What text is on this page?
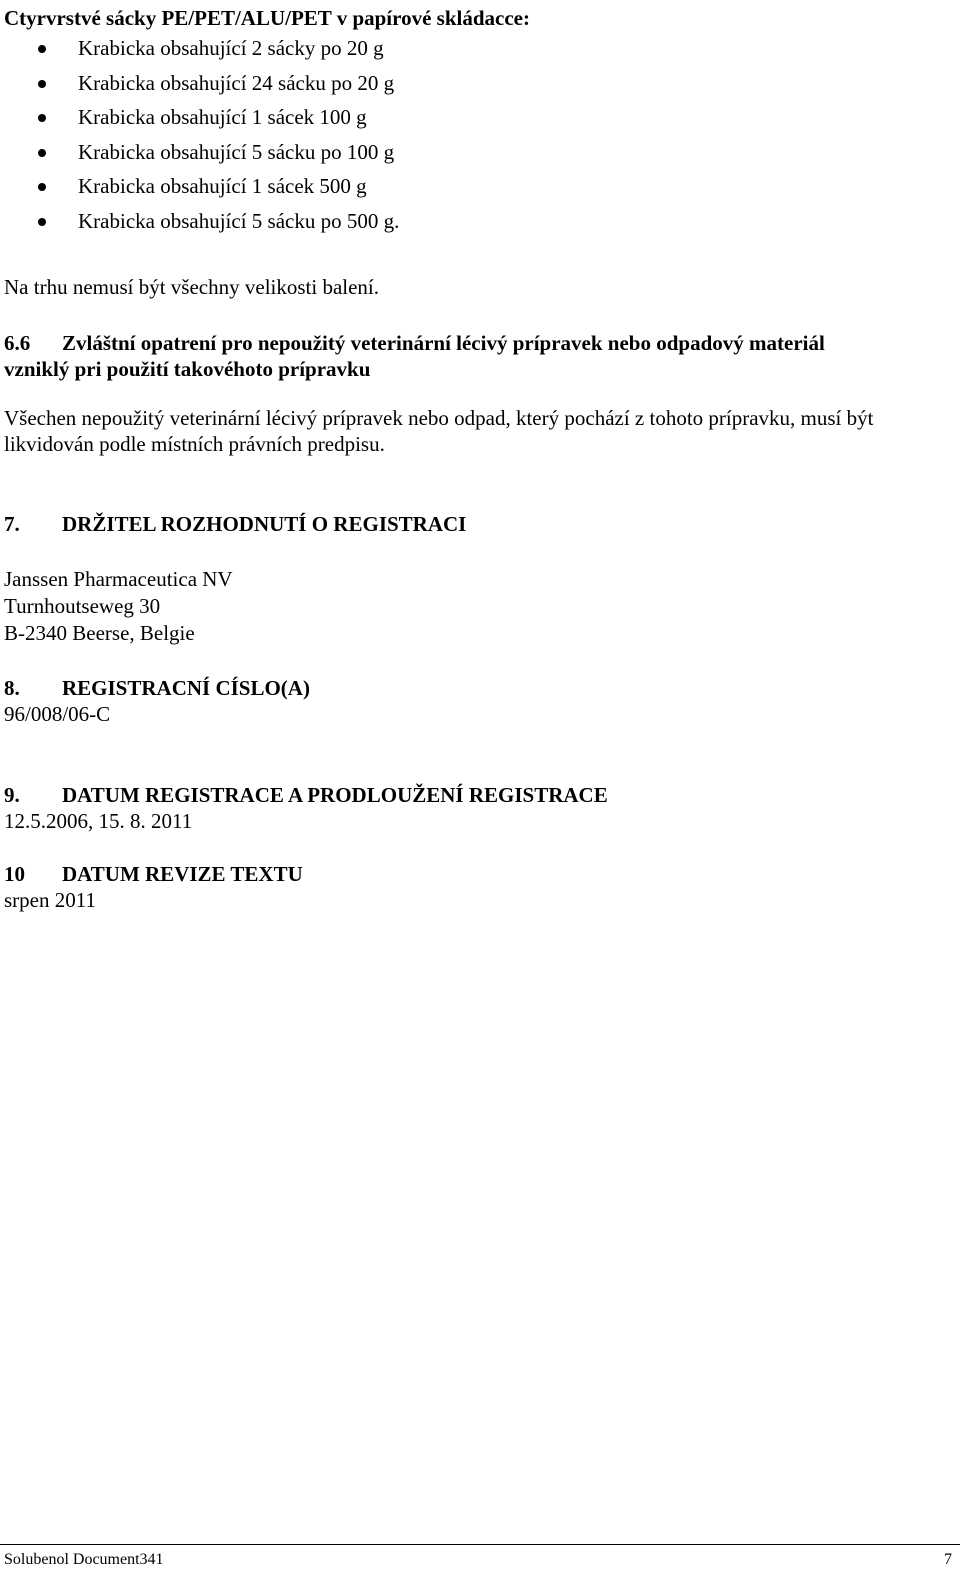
Ctyrvrstvé sácky PE/PET/ALU/PET v papírové skládacce:
Krabicka obsahující 2 sácky po 20 g
Krabicka obsahující 24 sácku po 20 g
Krabicka obsahující 1 sácek 100 g
Krabicka obsahující 5 sácku po 100 g
Krabicka obsahující 1 sácek 500 g
Krabicka obsahující 5 sácku po 500 g.
Na trhu nemusí být všechny velikosti balení.
6.6	Zvláštní opatrení pro nepoužitý veterinární lécivý prípravek nebo odpadový materiál
vzniklý pri použití takovéhoto prípravku
Všechen nepoužitý veterinární lécivý prípravek nebo odpad, který pochází z tohoto prípravku, musí být
likvidován podle místních právních predpisu.
7.	DRŽITEL ROZHODNUTÍ O REGISTRACI
Janssen Pharmaceutica NV
Turnhoutseweg 30
B-2340 Beerse, Belgie
8.	REGISTRACNÍ CÍSLO(A)
96/008/06-C
9.	DATUM REGISTRACE A PRODLOUŽENÍ REGISTRACE
12.5.2006, 15. 8. 2011
10	DATUM REVIZE TEXTU
srpen 2011
Solubenol Document341	7
